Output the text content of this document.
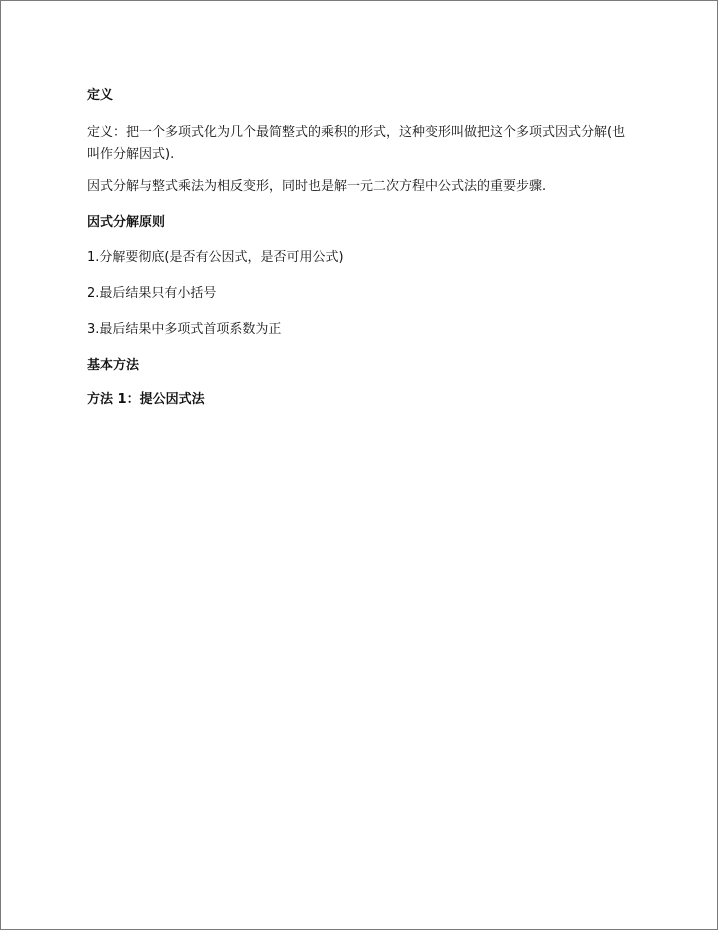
定义

定义：把一个多项式化为几个最简整式的乘积的形式，这种变形叫做把这个多项式因式分解(也叫作分解因式).

因式分解与整式乘法为相反变形，同时也是解一元二次方程中公式法的重要步骤.

因式分解原则

1.分解要彻底(是否有公因式，是否可用公式)

2.最后结果只有小括号

3.最后结果中多项式首项系数为正

基本方法

方法 1：提公因式法
